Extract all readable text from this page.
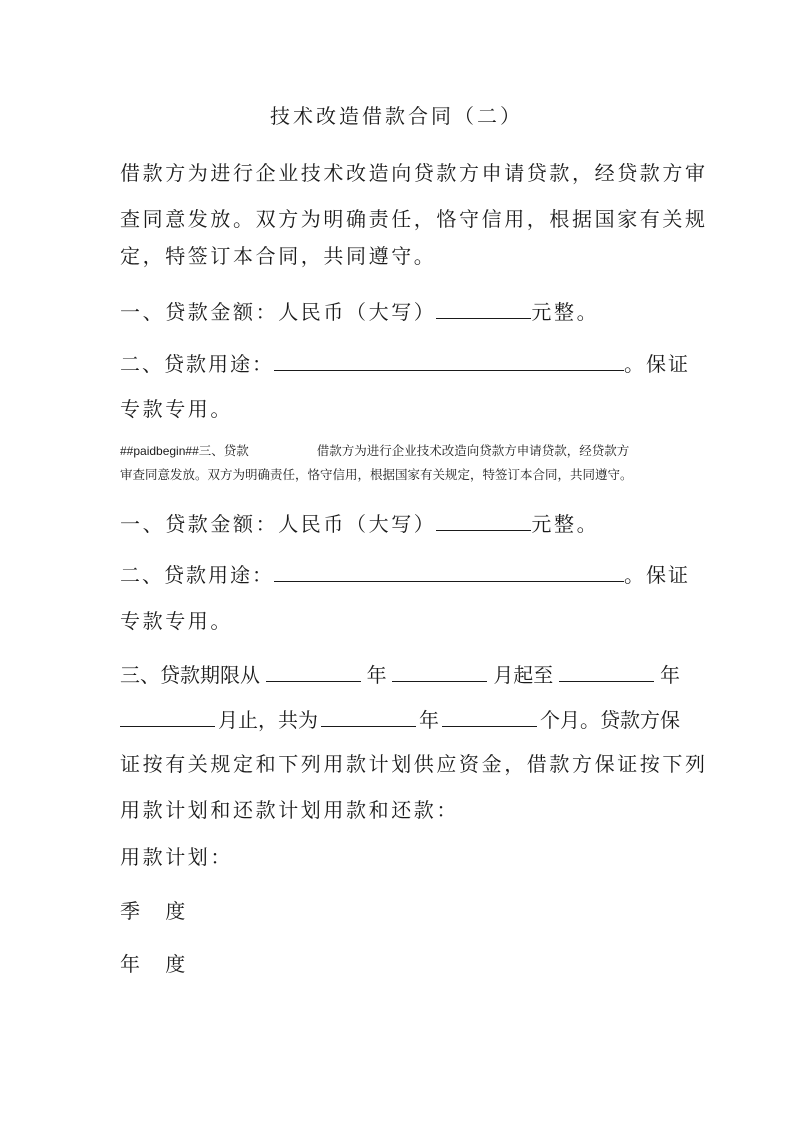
技术改造借款合同（二）
借款方为进行企业技术改造向贷款方申请贷款，经贷款方审
查同意发放。双方为明确责任，恪守信用，根据国家有关规
定，特签订本合同，共同遵守。
一、贷款金额：人民币（大写）	元整。
二、贷款用途：	。保证
专款专用。
##paidbegin##三、贷款	借款方为进行企业技术改造向贷款方申请贷款，经贷款方
审查同意发放。双方为明确责任，恪守信用，根据国家有关规定，特签订本合同，共同遵守。
一、贷款金额：人民币（大写）	元整。
二、贷款用途：	。保证
专款专用。
三、贷款期限从	年	月起至	年
月止，共为	年	个月。贷款方保
证按有关规定和下列用款计划供应资金，借款方保证按下列
用款计划和还款计划用款和还款：
用款计划：
季　度
年　度
